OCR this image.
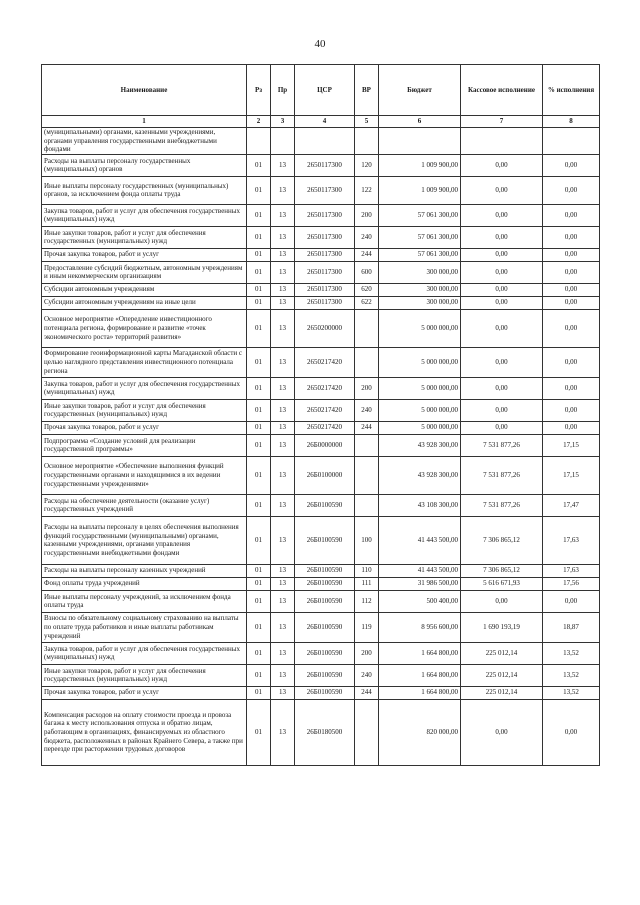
40
Наименование	Рз	Пр	ЦСР	ВР	Бюджет	Кассовое исполнение	% исполнения
1	2	3	4	5	6	7	8
(муниципальными) органами, казенными учреждениями, органами управления государственными внебюджетными фондами							
Расходы на выплаты персоналу государственных (муниципальных) органов	01	13	2650117300	120	1 009 900,00	0,00	0,00
Иные выплаты персоналу государственных (муниципальных) органов, за исключением фонда оплаты труда	01	13	2650117300	122	1 009 900,00	0,00	0,00
Закупка товаров, работ и услуг для обеспечения государственных (муниципальных) нужд	01	13	2650117300	200	57 061 300,00	0,00	0,00
Иные закупки товаров, работ и услуг для обеспечения государственных (муниципальных) нужд	01	13	2650117300	240	57 061 300,00	0,00	0,00
Прочая закупка товаров, работ и услуг	01	13	2650117300	244	57 061 300,00	0,00	0,00
Предоставление субсидий бюджетным, автономным учреждениям и иным некоммерческим организациям	01	13	2650117300	600	300 000,00	0,00	0,00
Субсидии автономным учреждениям	01	13	2650117300	620	300 000,00	0,00	0,00
Субсидии автономным учреждениям на иные цели	01	13	2650117300	622	300 000,00	0,00	0,00
Основное мероприятие «Опередление инвестиционного потенциала региона, формирование и развитие «точек экономического роста» территорий развития»	01	13	2650200000		5 000 000,00	0,00	0,00
Формирование геоинформационной карты Магаданской области с целью наглядного представления инвестиционного потенциала региона	01	13	2650217420		5 000 000,00	0,00	0,00
Закупка товаров, работ и услуг для обеспечения государственных (муниципальных) нужд	01	13	2650217420	200	5 000 000,00	0,00	0,00
Иные закупки товаров, работ и услуг для обеспечения государственных (муниципальных) нужд	01	13	2650217420	240	5 000 000,00	0,00	0,00
Прочая закупка товаров, работ и услуг	01	13	2650217420	244	5 000 000,00	0,00	0,00
Подпрограмма «Создание условий для реализации государственной программы»	01	13	26Б0000000		43 928 300,00	7 531 877,26	17,15
Основное мероприятие «Обеспечение выполнения функций государственными органами и находящимися в их ведении государственными учреждениями»	01	13	26Б0100000		43 928 300,00	7 531 877,26	17,15
Расходы на обеспечение деятельности (оказание услуг) государственных учреждений	01	13	26Б0100590		43 108 300,00	7 531 877,26	17,47
Расходы на выплаты персоналу в целях обеспечения выполнения функций государственными (муниципальными) органами, казенными учреждениями, органами управления государственными внебюджетными фондами	01	13	26Б0100590	100	41 443 500,00	7 306 865,12	17,63
Расходы на выплаты персоналу казенных учреждений	01	13	26Б0100590	110	41 443 500,00	7 306 865,12	17,63
Фонд оплаты труда учреждений	01	13	26Б0100590	111	31 986 500,00	5 616 671,93	17,56
Иные выплаты персоналу учреждений, за исключением фонда оплаты труда	01	13	26Б0100590	112	500 400,00	0,00	0,00
Взносы по обязательному социальному страхованию на выплаты по оплате труда работников и иные выплаты работникам учреждений	01	13	26Б0100590	119	8 956 600,00	1 690 193,19	18,87
Закупка товаров, работ и услуг для обеспечения государственных (муниципальных) нужд	01	13	26Б0100590	200	1 664 800,00	225 012,14	13,52
Иные закупки товаров, работ и услуг для обеспечения государственных (муниципальных) нужд	01	13	26Б0100590	240	1 664 800,00	225 012,14	13,52
Прочая закупка товаров, работ и услуг	01	13	26Б0100590	244	1 664 800,00	225 012,14	13,52
Компенсация расходов на оплату стоимости проезда и провоза багажа к месту использования отпуска и обратно лицам, работающим в организациях, финансируемых из областного бюджета, расположенных в районах Крайнего Севера, а также при переезде при расторжении трудовых договоров	01	13	26Б0180500		820 000,00	0,00	0,00
